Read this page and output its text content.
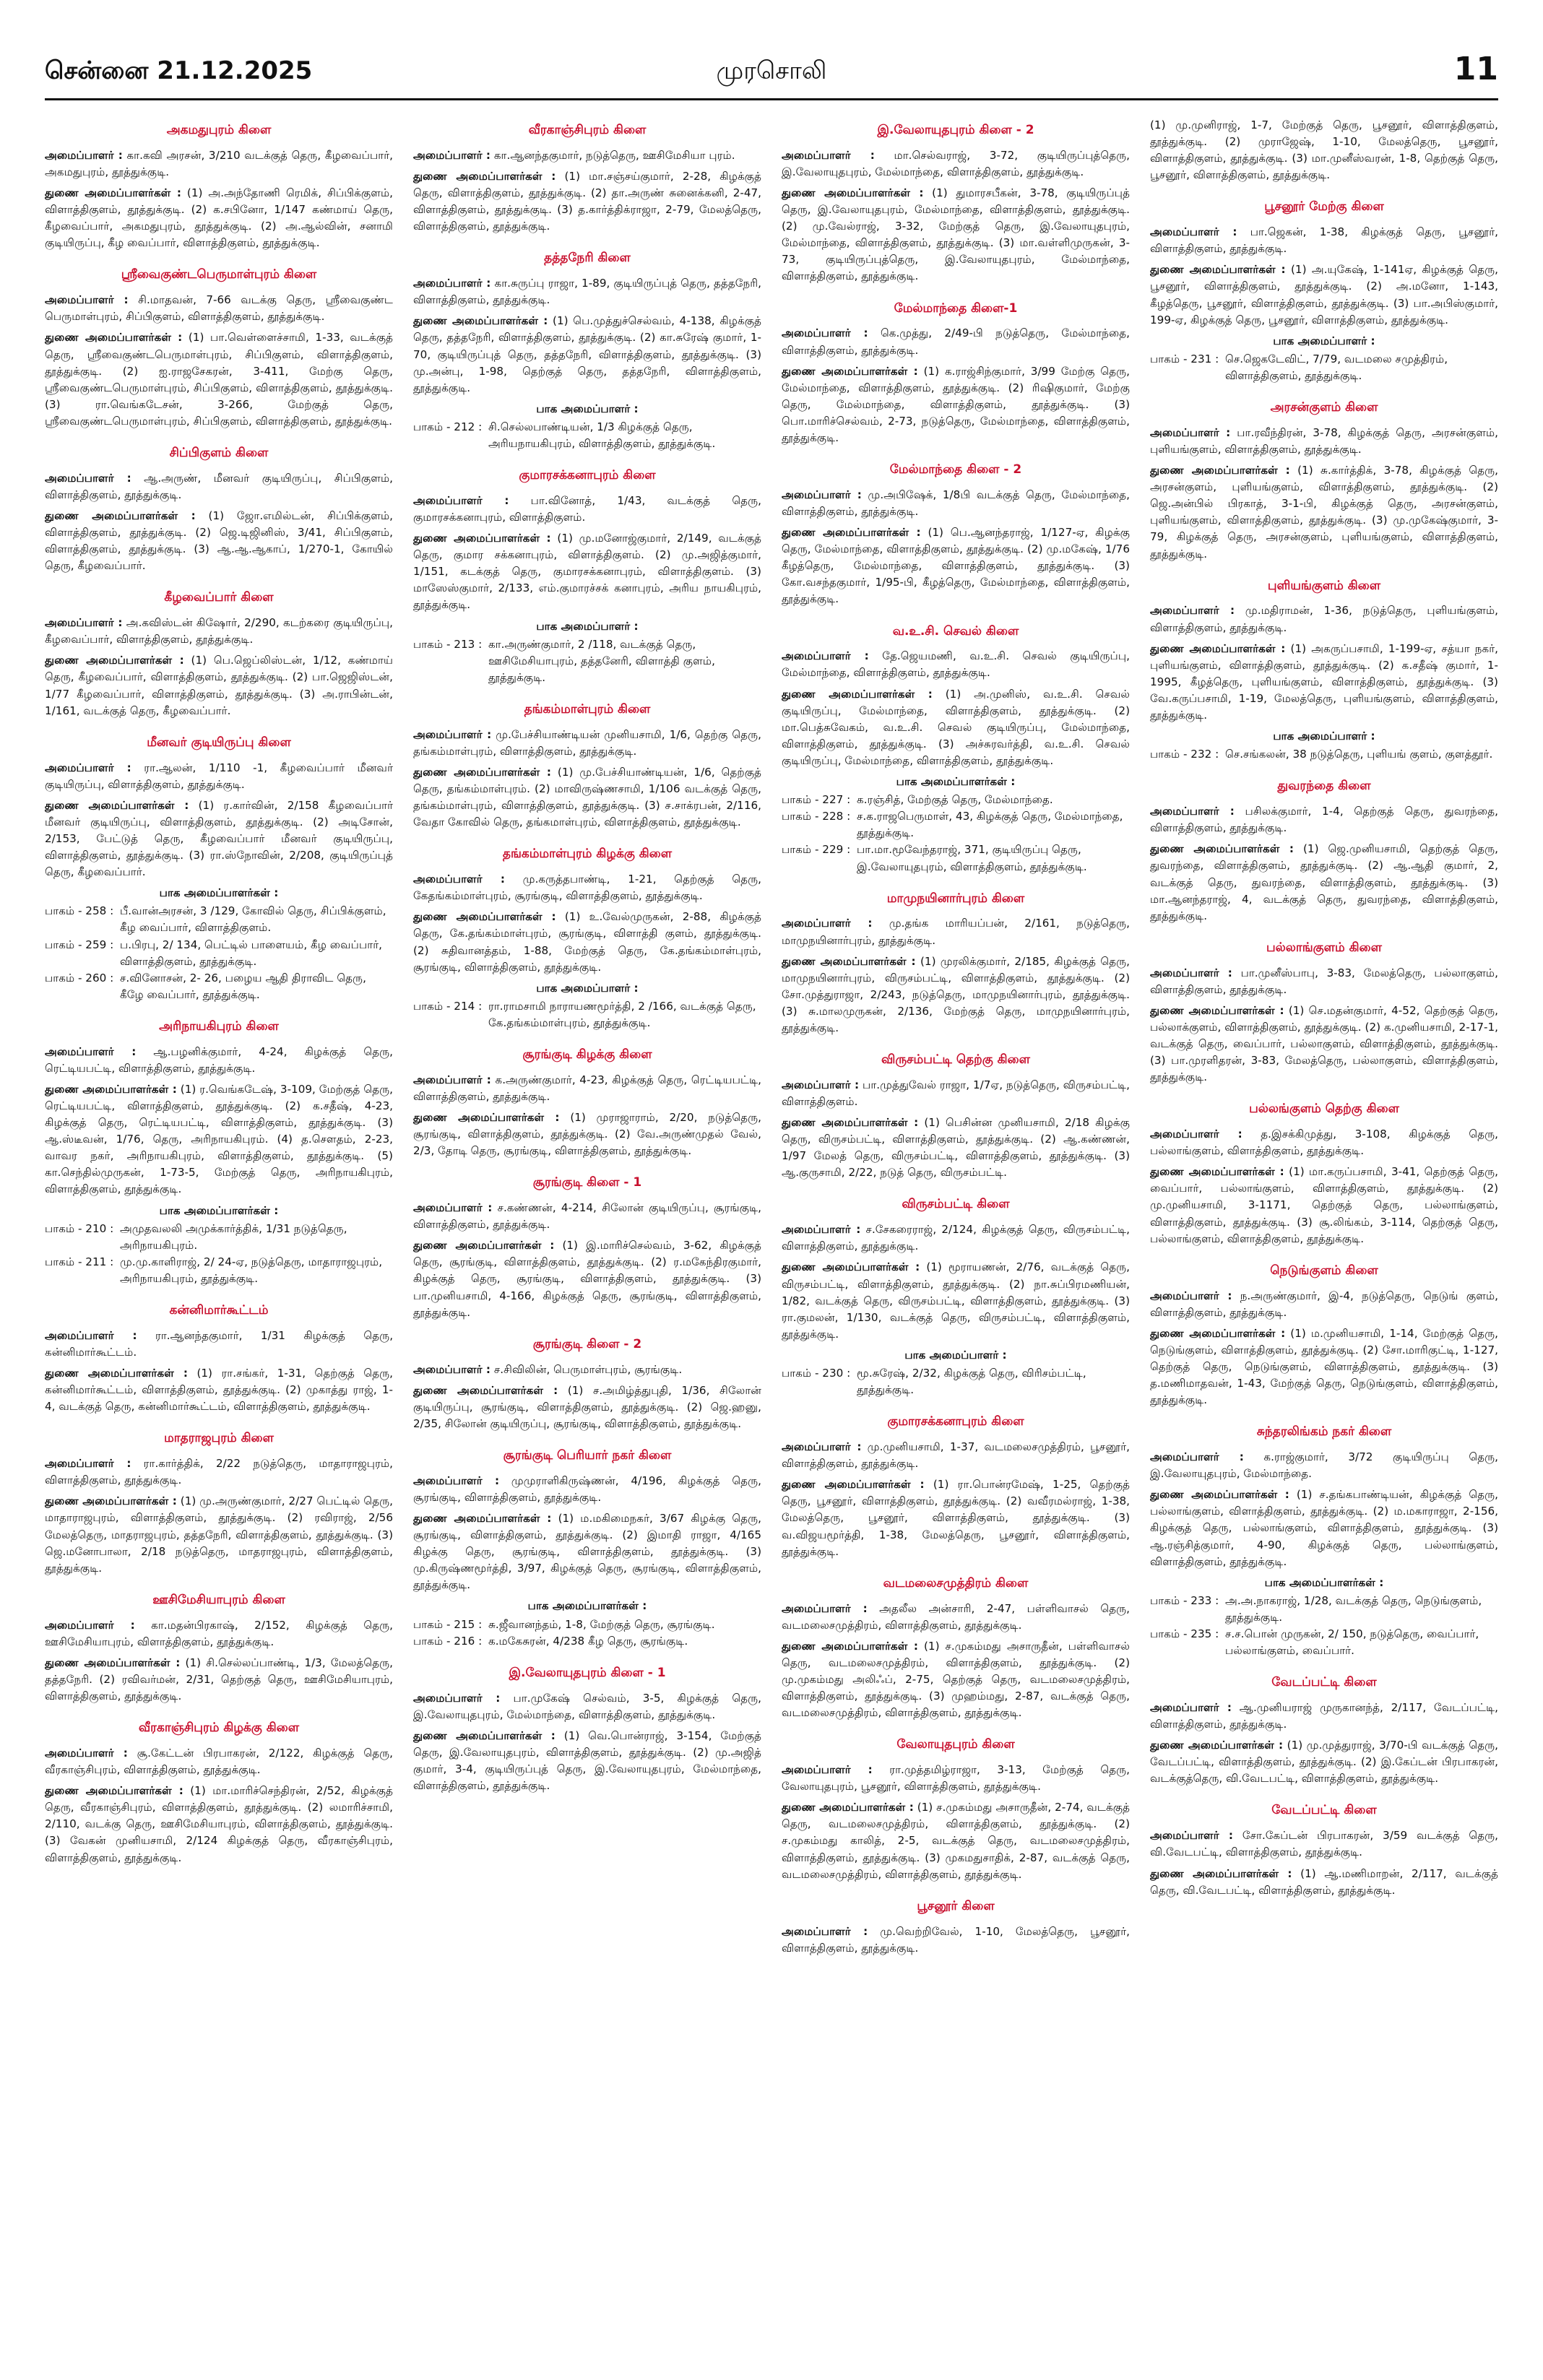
சென்னை 21.12.2025	முரசொலி	11
அகமதுபுரம் கிளை

அமைப்பாளர் : கா.கவி அரசன், 3/210 வடக்குத் தெரு, கீழவைப்பார், அகமதுபுரம், தூத்துக்குடி.

துணை அமைப்பாளர்கள் : (1) அ.அந்தோணி ரெமிக், சிப்பிக்குளம், விளாத்திகுளம், தூத்துக்குடி. (2) க.சபினோ, 1/147 கண்மாய் தெரு, கீழவைப்பார், அகமதுபுரம், தூத்துக்குடி. (2) அ.ஆல்வின், சனாமி குடியிருப்பு, கீழ வைப்பார், விளாத்திகுளம், தூத்துக்குடி.

ஸ்ரீவைகுண்டபெருமாள்புரம் கிளை

அமைப்பாளர் : சி.மாதவன், 7-66 வடக்கு தெரு, ஸ்ரீவைகுண்ட பெருமாள்புரம், சிப்பிகுளம், விளாத்திகுளம், தூத்துக்குடி.

துணை அமைப்பாளர்கள் : (1) பா.வெள்ளைச்சாமி, 1-33, வடக்குத் தெரு, ஸ்ரீவைகுண்டபெருமாள்புரம், சிப்பிகுளம், விளாத்திகுளம், தூத்துக்குடி. (2) ஐ.ராஜசேகரன், 3-411, மேற்கு தெரு, ஸ்ரீவைகுண்டபெருமாள்புரம், சிப்பிகுளம், விளாத்திகுளம், தூத்துக்குடி. (3) ரா.வெங்கடேசன், 3-266, மேற்குத் தெரு, ஸ்ரீவைகுண்டபெருமாள்புரம், சிப்பிகுளம், விளாத்திகுளம், தூத்துக்குடி.

சிப்பிகுளம் கிளை

அமைப்பாளர் : ஆ.அருண், மீனவர் குடியிருப்பு, சிப்பிகுளம், விளாத்திகுளம், தூத்துக்குடி.

துணை அமைப்பாளர்கள் : (1) ஜோ.எமில்டன், சிப்பிக்குளம், விளாத்திகுளம், தூத்துக்குடி. (2) ஜெ.டிஜினிஸ், 3/41, சிப்பிகுளம், விளாத்திகுளம், தூத்துக்குடி. (3) ஆ.ஆ.ஆகாப், 1/270-1, கோயில் தெரு, கீழவைப்பார்.

கீழவைப்பார் கிளை

அமைப்பாளர் : அ.கவிஸ்டன் கிஷோர், 2/290, கடற்கரை குடியிருப்பு, கீழவைப்பார், விளாத்திகுளம், தூத்துக்குடி.

துணை அமைப்பாளர்கள் : (1) பெ.ஜெப்லிஸ்டன், 1/12, கண்மாய் தெரு, கீழவைப்பார், விளாத்திகுளம், தூத்துக்குடி. (2) பா.ஜெஜிஸ்டன், 1/77 கீழவைப்பார், விளாத்திகுளம், தூத்துக்குடி. (3) அ.ராபின்டன், 1/161, வடக்குத் தெரு, கீழவைப்பார்.

மீனவர் குடியிருப்பு கிளை

அமைப்பாளர் : ரா.ஆலன், 1/110 -1, கீழவைப்பார் மீனவர் குடியிருப்பு, விளாத்திகுளம், தூத்துக்குடி.

துணை அமைப்பாளர்கள் : (1) ர.கார்வின், 2/158 கீழவைப்பார் மீனவர் குடியிருப்பு, விளாத்திகுளம், தூத்துக்குடி. (2) அடிசோன், 2/153, பேட்டுத் தெரு, கீழவைப்பார் மீனவர் குடியிருப்பு, விளாத்திகுளம், தூத்துக்குடி. (3) ரா.ஸ்நோவின், 2/208, குடியிருப்புத் தெரு, கீழவைப்பார்.

பாக அமைப்பாளர்கள் :
பாகம் - 258 : பீ.வான்அரசன், 3 /129, கோவில் தெரு, சிப்பிக்குளம், கீழ வைப்பார், விளாத்திகுளம்.
பாகம் - 259 : ப.பிரபு, 2/ 134, பெட்டில் பாளையம், கீழ வைப்பார், விளாத்திகுளம், தூத்துக்குடி.
பாகம் - 260 : ச.வினோசன், 2- 26, பழைய ஆதி திராவிட தெரு, கீழே வைப்பார், தூத்துக்குடி.
அரிநாயகிபுரம் கிளை

அமைப்பாளர் : ஆ.பழனிக்குமார், 4-24, கிழக்குத் தெரு, ரெட்டியபட்டி, விளாத்திகுளம், தூத்துக்குடி.

துணை அமைப்பாளர்கள் : (1) ர.வெங்கடேஷ், 3-109, மேற்குத் தெரு, ரெட்டியபட்டி, விளாத்திகுளம், தூத்துக்குடி. (2) க.சதீஷ், 4-23, கிழக்குத் தெரு, ரெட்டியபட்டி, விளாத்திகுளம், தூத்துக்குடி. (3) ஆ.ஸ்டீவன், 1/76, தெரு, அரிநாயகிபுரம். (4) த.செளதம், 2-23, வாவர நகர், அரிநாயகிபுரம், விளாத்திகுளம், தூத்துக்குடி. (5) கா.செந்தில்முருகன், 1-73-5, மேற்குத் தெரு, அரிநாயகிபுரம், விளாத்திகுளம், தூத்துக்குடி.

பாக அமைப்பாளர்கள் :
பாகம் - 210 : அமுதவலலி அமுக்கார்த்திக், 1/31 நடுத்தெரு, அரிநாயகிபுரம்.
பாகம் - 211 : மு.மு.காளிராஜ், 2/ 24-ஏ, நடுத்தெரு, மாதாராஜபுரம், அரிநாயகிபுரம், தூத்துக்குடி.
கன்னிமார்கூட்டம்

அமைப்பாளர் : ரா.ஆனந்தகுமார், 1/31 கிழக்குத் தெரு, கன்னிமார்கூட்டம்.

துணை அமைப்பாளர்கள் : (1) ரா.சங்கர், 1-31, தெற்குத் தெரு, கன்னிமார்கூட்டம், விளாத்திகுளம், தூத்துக்குடி. (2) முகாத்து ராஜ், 1-4, வடக்குத் தெரு, கன்னிமார்கூட்டம், விளாத்திகுளம், தூத்துக்குடி.

மாதராஜபுரம் கிளை

அமைப்பாளர் : ரா.கார்த்திக், 2/22 நடுத்தெரு, மாதாராஜபுரம், விளாத்திகுளம், தூத்துக்குடி.

துணை அமைப்பாளர்கள் : (1) மு.அருண்குமார், 2/27 பெட்டில் தெரு, மாதாராஜபுரம், விளாத்திகுளம், தூத்துக்குடி. (2) ரவிராஜ், 2/56 மேலத்தெரு, மாதராஜபுரம், தத்தநேரி, விளாத்திகுளம், தூத்துக்குடி. (3) ஜெ.மனோபாலா, 2/18 நடுத்தெரு, மாதராஜபுரம், விளாத்திகுளம், தூத்துக்குடி.

ஊசிமேசியாபுரம் கிளை

அமைப்பாளர் : கா.மதன்பிரகாஷ், 2/152, கிழக்குத் தெரு, ஊசிமேசியாபுரம், விளாத்திகுளம், தூத்துக்குடி.

துணை அமைப்பாளர்கள் : (1) சி.செல்லப்பாண்டி, 1/3, மேலத்தெரு, தத்தநேரி. (2) ரவிவர்மன், 2/31, தெற்குத் தெரு, ஊசிமேசியாபுரம், விளாத்திகுளம், தூத்துக்குடி.

வீரகாஞ்சிபுரம் கிழக்கு கிளை

அமைப்பாளர் : சூ.கேட்டன் பிரபாகரன், 2/122, கிழக்குத் தெரு, வீரகாஞ்சிபுரம், விளாத்திகுளம், தூத்துக்குடி.

துணை அமைப்பாளர்கள் : (1) மா.மாரிச்செந்திரன், 2/52, கிழக்குத் தெரு, வீரகாஞ்சிபுரம், விளாத்திகுளம், தூத்துக்குடி. (2) லமாரிச்சாமி, 2/110, வடக்கு தெரு, ஊசிமேசியாபுரம், விளாத்திகுளம், தூத்துக்குடி. (3) வேகன் முனியசாமி, 2/124 கிழக்குத் தெரு, வீரகாஞ்சிபுரம், விளாத்திகுளம், தூத்துக்குடி.

வீரகாஞ்சிபுரம் கிளை

அமைப்பாளர் : கா.ஆனந்தகுமார், நடுத்தெரு, ஊசிமேசியா புரம்.

துணை அமைப்பாளர்கள் : (1) மா.சஞ்சய்குமார், 2-28, கிழக்குத் தெரு, விளாத்திகுளம், தூத்துக்குடி. (2) தா.அருண் சுனைக்கனி, 2-47, விளாத்திகுளம், தூத்துக்குடி. (3) த.கார்த்திக்ராஜா, 2-79, மேலத்தெரு, விளாத்திகுளம், தூத்துக்குடி.

தத்தநேரி கிளை

அமைப்பாளர் : கா.சுருப்பு ராஜா, 1-89, குடியிருப்புத் தெரு, தத்தநேரி, விளாத்திகுளம், தூத்துக்குடி.

துணை அமைப்பாளர்கள் : (1) பெ.முத்துச்செல்வம், 4-138, கிழக்குத் தெரு, தத்தநேரி, விளாத்திகுளம், தூத்துக்குடி. (2) கா.சுரேஷ் குமார், 1-70, குடியிருப்புத் தெரு, தத்தநேரி, விளாத்திகுளம், தூத்துக்குடி. (3) மு.அன்பு, 1-98, தெற்குத் தெரு, தத்தநேரி, விளாத்திகுளம், தூத்துக்குடி.

பாக அமைப்பாளர் :
பாகம் - 212 : சி.செல்லபாண்டியன், 1/3 கிழக்குத் தெரு, அரியநாயகிபுரம், விளாத்திகுளம், தூத்துக்குடி.
குமாரசக்கனாபுரம் கிளை

அமைப்பாளர் : பா.வினோத், 1/43, வடக்குத் தெரு, குமாரசக்கனாபுரம், விளாத்திகுளம்.

துணை அமைப்பாளர்கள் : (1) மு.மனோஜ்குமார், 2/149, வடக்குத் தெரு, குமார சக்கனாபுரம், விளாத்திகுளம். (2) மு.அஜித்குமார், 1/151, கடக்குத் தெரு, குமாரசக்கனாபுரம், விளாத்திகுளம். (3) மாஸேஸ்குமார், 2/133, எம்.குமாரச்சக் கனாபுரம், அரிய நாயகிபுரம், தூத்துக்குடி.

பாக அமைப்பாளர் :
பாகம் - 213 : கா.அருண்குமார், 2 /118, வடக்குத் தெரு, ஊசிமேசியாபுரம், தத்தனேரி, விளாத்தி குளம், தூத்துக்குடி.
தங்கம்மாள்புரம் கிளை

அமைப்பாளர் : மு.பேச்சியாண்டியன் முனியசாமி, 1/6, தெற்கு தெரு, தங்கம்மாள்புரம், விளாத்திகுளம், தூத்துக்குடி.

துணை அமைப்பாளர்கள் : (1) மு.பேச்சியாண்டியன், 1/6, தெற்குத் தெரு, தங்கம்மாள்புரம். (2) மாவிருஷ்ணசாமி, 1/106 வடக்குத் தெரு, தங்கம்மாள்புரம், விளாத்திகுளம், தூத்துக்குடி. (3) ச.சாக்ரபன், 2/116, வேதா கோவில் தெரு, தங்கமாள்புரம், விளாத்திகுளம், தூத்துக்குடி.

தங்கம்மாள்புரம் கிழக்கு கிளை

அமைப்பாளர் : மு.கருத்தபாண்டி, 1-21, தெற்குத் தெரு, கேதங்கம்மாள்புரம், சூரங்குடி, விளாத்திகுளம், தூத்துக்குடி.

துணை அமைப்பாளர்கள் : (1) உ.வேல்முருகன், 2-88, கிழக்குத் தெரு, கே.தங்கம்மாள்புரம், சூரங்குடி, விளாத்தி குளம், தூத்துக்குடி. (2) சுதிவானத்தம், 1-88, மேற்குத் தெரு, கே.தங்கம்மாள்புரம், சூரங்குடி, விளாத்திகுளம், தூத்துக்குடி.

பாக அமைப்பாளர் :
பாகம் - 214 : ரா.ராமசாமி நாராயணமூர்த்தி, 2 /166, வடக்குத் தெரு, கே.தங்கம்மாள்புரம், தூத்துக்குடி.
சூரங்குடி கிழக்கு கிளை

அமைப்பாளர் : க.அருண்குமார், 4-23, கிழக்குத் தெரு, ரெட்டியபட்டி, விளாத்திகுளம், தூத்துக்குடி.

துணை அமைப்பாளர்கள் : (1) முராஜாராம், 2/20, நடுத்தெரு, சூரங்குடி, விளாத்திகுளம், தூத்துக்குடி. (2) வே.அருண்முதல் வேல், 2/3, தோடி தெரு, சூரங்குடி, விளாத்திகுளம், தூத்துக்குடி.

சூரங்குடி கிளை - 1

அமைப்பாளர் : ச.கண்ணன், 4-214, சிலோன் குடியிருப்பு, சூரங்குடி, விளாத்திகுளம், தூத்துக்குடி.

துணை அமைப்பாளர்கள் : (1) இ.மாரிச்செல்வம், 3-62, கிழக்குத் தெரு, சூரங்குடி, விளாத்திகுளம், தூத்துக்குடி. (2) ர.மகேந்திரகுமார், கிழக்குத் தெரு, சூரங்குடி, விளாத்திகுளம், தூத்துக்குடி. (3) பா.முனியசாமி, 4-166, கிழக்குத் தெரு, சூரங்குடி, விளாத்திகுளம், தூத்துக்குடி.

சூரங்குடி கிளை - 2

அமைப்பாளர் : ச.சிவிலின், பெருமாள்புரம், சூரங்குடி.

துணை அமைப்பாளர்கள் : (1) ச.அமிழ்த்துபுதி, 1/36, சிலோன் குடியிருப்பு, சூரங்குடி, விளாத்திகுளம், தூத்துக்குடி. (2) ஜெ.ஹனு, 2/35, சிலோன் குடியிருப்பு, சூரங்குடி, விளாத்திகுளம், தூத்துக்குடி.

சூரங்குடி பெரியார் நகர் கிளை

அமைப்பாளர் : முமுராளிகிருஷ்ணன், 4/196, கிழக்குத் தெரு, சூரங்குடி, விளாத்திகுளம், தூத்துக்குடி.

துணை அமைப்பாளர்கள் : (1) ம.மகிமைநகர், 3/67 கிழக்கு தெரு, சூரங்குடி, விளாத்திகுளம், தூத்துக்குடி. (2) இமாதி ராஜா, 4/165 கிழக்கு தெரு, சூரங்குடி, விளாத்திகுளம், தூத்துக்குடி. (3) மு.கிருஷ்ணமூர்த்தி, 3/97, கிழக்குத் தெரு, சூரங்குடி, விளாத்திகுளம், தூத்துக்குடி.

பாக அமைப்பாளர்கள் :
பாகம் - 215 : சு.ஜீவானந்தம், 1-8, மேற்குத் தெரு, சூரங்குடி.
பாகம் - 216 : க.மகேசுரன், 4/238 கீழ தெரு, சூரங்குடி.
இ.வேலாயுதபுரம் கிளை - 1

அமைப்பாளர் : பா.முகேஷ் செல்வம், 3-5, கிழக்குத் தெரு, இ.வேலாயுதபுரம், மேல்மாந்தை, விளாத்திகுளம், தூத்துக்குடி.

துணை அமைப்பாளர்கள் : (1) வெ.பொன்ராஜ், 3-154, மேற்குத் தெரு, இ.வேலாயுதபுரம், விளாத்திகுளம், தூத்துக்குடி. (2) மு.அஜித் குமார், 3-4, குடியிருப்புத் தெரு, இ.வேலாயுதபுரம், மேல்மாந்தை, விளாத்திகுளம், தூத்துக்குடி.

இ.வேலாயுதபுரம் கிளை - 2

அமைப்பாளர் : மா.செல்வராஜ், 3-72, குடியிருப்புத்தெரு, இ.வேலாயுதபுரம், மேல்மாந்தை, விளாத்திகுளம், தூத்துக்குடி.

துணை அமைப்பாளர்கள் : (1) துமாரசபீகன், 3-78, குடியிருப்புத் தெரு, இ.வேலாயுதபுரம், மேல்மாந்தை, விளாத்திகுளம், தூத்துக்குடி. (2) மு.வேல்ராஜ், 3-32, மேற்குத் தெரு, இ.வேலாயுதபுரம், மேல்மாந்தை, விளாத்திகுளம், தூத்துக்குடி. (3) மா.வள்ளிமுருகன், 3-73, குடியிருப்புத்தெரு, இ.வேலாயுதபுரம், மேல்மாந்தை, விளாத்திகுளம், தூத்துக்குடி.

மேல்மாந்தை கிளை-1

அமைப்பாளர் : கெ.முத்து, 2/49-பி நடுத்தெரு, மேல்மாந்தை, விளாத்திகுளம், தூத்துக்குடி.

துணை அமைப்பாளர்கள் : (1) க.ராஜ்சிந்குமார், 3/99 மேற்கு தெரு, மேல்மாந்தை, விளாத்திகுளம், தூத்துக்குடி. (2) ரிஷிகுமார், மேற்கு தெரு, மேல்மாந்தை, விளாத்திகுளம், தூத்துக்குடி. (3) பொ.மாரிச்செல்வம், 2-73, நடுத்தெரு, மேல்மாந்தை, விளாத்திகுளம், தூத்துக்குடி.

மேல்மாந்தை கிளை - 2

அமைப்பாளர் : மு.அபிஷேக், 1/8பி வடக்குத் தெரு, மேல்மாந்தை, விளாத்திகுளம், தூத்துக்குடி.

துணை அமைப்பாளர்கள் : (1) பெ.ஆனந்தராஜ், 1/127-ஏ, கிழக்கு தெரு, மேல்மாந்தை, விளாத்திகுளம், தூத்துக்குடி. (2) மு.மகேஷ், 1/76 கீழத்தெரு, மேல்மாந்தை, விளாத்திகுளம், தூத்துக்குடி. (3) கோ.வசந்தகுமார், 1/95-பி, கீழத்தெரு, மேல்மாந்தை, விளாத்திகுளம், தூத்துக்குடி.

வ.உ.சி. செவல் கிளை

அமைப்பாளர் : தே.ஜெயமணி, வ.உ.சி. செவல் குடியிருப்பு, மேல்மாந்தை, விளாத்திகுளம், தூத்துக்குடி.

துணை அமைப்பாளர்கள் : (1) அ.முனிஸ், வ.உ.சி. செவல் குடியிருப்பு, மேல்மாந்தை, விளாத்திகுளம், தூத்துக்குடி. (2) மா.பெத்சுவேகம், வ.உ.சி. செவல் குடியிருப்பு, மேல்மாந்தை, விளாத்திகுளம், தூத்துக்குடி. (3) அச்சுரவர்த்தி, வ.உ.சி. செவல் குடியிருப்பு, மேல்மாந்தை, விளாத்திகுளம், தூத்துக்குடி.

பாக அமைப்பாளர்கள் :
பாகம் - 227 : க.ரஞ்சித், மேற்குத் தெரு, மேல்மாந்தை.
பாகம் - 228 : ச.க.ராஜபெருமாள், 43, கிழக்குத் தெரு, மேல்மாந்தை, தூத்துக்குடி.
பாகம் - 229 : பா.மா.மூவேந்தராஜ், 371, குடியிருப்பு தெரு, இ.வேலாயுதபுரம், விளாத்திகுளம், தூத்துக்குடி.
மாமுநயினார்புரம் கிளை

அமைப்பாளர் : மு.தங்க மாரியப்பன், 2/161, நடுத்தெரு, மாமுநயினார்புரம், தூத்துக்குடி.

துணை அமைப்பாளர்கள் : (1) முரலிக்குமார், 2/185, கிழக்குத் தெரு, மாமுநயினார்புரம், விருசம்பட்டி, விளாத்திகுளம், தூத்துக்குடி. (2) சோ.முத்துராஜா, 2/243, நடுத்தெரு, மாமுநயினார்புரம், தூத்துக்குடி. (3) சு.மாலமுருகன், 2/136, மேற்குத் தெரு, மாமுநயினார்புரம், தூத்துக்குடி.

விருசம்பட்டி தெற்கு கிளை

அமைப்பாளர் : பா.முத்துவேல் ராஜா, 1/7ஏ, நடுத்தெரு, விருசம்பட்டி, விளாத்திகுளம்.

துணை அமைப்பாளர்கள் : (1) பெசின்ன முனியசாமி, 2/18 கிழக்கு தெரு, விருசம்பட்டி, விளாத்திகுளம், தூத்துக்குடி. (2) ஆ.கண்ணன், 1/97 மேலத் தெரு, விருசம்பட்டி, விளாத்திகுளம், தூத்துக்குடி. (3) ஆ.குருசாமி, 2/22, நடுத் தெரு, விருசம்பட்டி.

விருசம்பட்டி கிளை

அமைப்பாளர் : ச.சேகரைராஜ், 2/124, கிழக்குத் தெரு, விருசம்பட்டி, விளாத்திகுளம், தூத்துக்குடி.

துணை அமைப்பாளர்கள் : (1) மூராயணன், 2/76, வடக்குத் தெரு, விருசம்பட்டி, விளாத்திகுளம், தூத்துக்குடி. (2) நா.சுப்பிரமணியன், 1/82, வடக்குத் தெரு, விருசம்பட்டி, விளாத்திகுளம், தூத்துக்குடி. (3) ரா.குமலன், 1/130, வடக்குத் தெரு, விருசம்பட்டி, விளாத்திகுளம், தூத்துக்குடி.

பாக அமைப்பாளர் :
பாகம் - 230 : மூ.சுரேஷ், 2/32, கிழக்குத் தெரு, விரிசம்பட்டி, தூத்துக்குடி.
குமாரசக்கனாபுரம் கிளை

அமைப்பாளர் : மு.முனியசாமி, 1-37, வடமலைசமுத்திரம், பூசனூர், விளாத்திகுளம், தூத்துக்குடி.

துணை அமைப்பாளர்கள் : (1) ரா.பொன்ரமேஷ், 1-25, தெற்குத் தெரு, பூசனூர், விளாத்திகுளம், தூத்துக்குடி. (2) வவீரமல்ராஜ், 1-38, மேலத்தெரு, பூசனூர், விளாத்திகுளம், தூத்துக்குடி. (3) வ.விஜயமூர்த்தி, 1-38, மேலத்தெரு, பூசனூர், விளாத்திகுளம், தூத்துக்குடி.

வடமலைசமுத்திரம் கிளை

அமைப்பாளர் : அதலீல அன்சாரி, 2-47, பள்ளிவாசல் தெரு, வடமலைசமுத்திரம், விளாத்திகுளம், தூத்துக்குடி.

துணை அமைப்பாளர்கள் : (1) ச.முகம்மது அசாருதீன், பள்ளிவாசல் தெரு, வடமலைசமுத்திரம், விளாத்திகுளம், தூத்துக்குடி. (2) மு.முகம்மது அலிஃப், 2-75, தெற்குத் தெரு, வடமலைசமுத்திரம், விளாத்திகுளம், தூத்துக்குடி. (3) முஹம்மது, 2-87, வடக்குத் தெரு, வடமலைசமுத்திரம், விளாத்திகுளம், தூத்துக்குடி.

வேலாயுதபுரம் கிளை

அமைப்பாளர் : ரா.முத்தமிழ்ராஜா, 3-13, மேற்குத் தெரு, வேலாயுதபுரம், பூசனூர், விளாத்திகுளம், தூத்துக்குடி.

துணை அமைப்பாளர்கள் : (1) ச.முகம்மது அசாருதீன், 2-74, வடக்குத் தெரு, வடமலைசமுத்திரம், விளாத்திகுளம், தூத்துக்குடி. (2) ச.முகம்மது காலித், 2-5, வடக்குத் தெரு, வடமலைசமுத்திரம், விளாத்திகுளம், தூத்துக்குடி. (3) முகமதுசாதிக், 2-87, வடக்குத் தெரு, வடமலைசமுத்திரம், விளாத்திகுளம், தூத்துக்குடி.

பூசனூர் கிளை

அமைப்பாளர் : மு.வெற்றிவேல், 1-10, மேலத்தெரு, பூசனூர், விளாத்திகுளம், தூத்துக்குடி.

(1) மு.முனிராஜ், 1-7, மேற்குத் தெரு, பூசனூர், விளாத்திகுளம், தூத்துக்குடி. (2) முராஜேஷ், 1-10, மேலத்தெரு, பூசனூர், விளாத்திகுளம், தூத்துக்குடி. (3) மா.முனீஸ்வரன், 1-8, தெற்குத் தெரு, பூசனூர், விளாத்திகுளம், தூத்துக்குடி.

பூசனூர் மேற்கு கிளை

அமைப்பாளர் : பா.ஜெகன், 1-38, கிழக்குத் தெரு, பூசனூர், விளாத்திகுளம், தூத்துக்குடி.

துணை அமைப்பாளர்கள் : (1) அ.யுகேஷ், 1-141ஏ, கிழக்குத் தெரு, பூசனூர், விளாத்திகுளம், தூத்துக்குடி. (2) அ.மனோ, 1-143, கீழத்தெரு, பூசனூர், விளாத்திகுளம், தூத்துக்குடி. (3) பா.அபிஸ்குமார், 199-ஏ, கிழக்குத் தெரு, பூசனூர், விளாத்திகுளம், தூத்துக்குடி.

பாக அமைப்பாளர் :
பாகம் - 231 : செ.ஜெகடேவிட், 7/79, வடமலை சமுத்திரம், விளாத்திகுளம், தூத்துக்குடி.
அரசன்குளம் கிளை

அமைப்பாளர் : பா.ரவீந்திரன், 3-78, கிழக்குத் தெரு, அரசன்குளம், புளியங்குளம், விளாத்திகுளம், தூத்துக்குடி.

துணை அமைப்பாளர்கள் : (1) சு.கார்த்திக், 3-78, கிழக்குத் தெரு, அரசன்குளம், புளியங்குளம், விளாத்திகுளம், தூத்துக்குடி. (2) ஜெ.அன்பில் பிரகாத், 3-1-பி, கிழக்குத் தெரு, அரசன்குளம், புளியங்குளம், விளாத்திகுளம், தூத்துக்குடி. (3) மு.முகேஷ்குமார், 3-79, கிழக்குத் தெரு, அரசன்குளம், புளியங்குளம், விளாத்திகுளம், தூத்துக்குடி.

புளியங்குளம் கிளை

அமைப்பாளர் : மு.மதிராமன், 1-36, நடுத்தெரு, புளியங்குளம், விளாத்திகுளம், தூத்துக்குடி.

துணை அமைப்பாளர்கள் : (1) அகருப்பசாமி, 1-199-ஏ, சத்யா நகர், புளியங்குளம், விளாத்திகுளம், தூத்துக்குடி. (2) க.சதீஷ் குமார், 1-1995, கீழத்தெரு, புளியங்குளம், விளாத்திகுளம், தூத்துக்குடி. (3) வே.கருப்பசாமி, 1-19, மேலத்தெரு, புளியங்குளம், விளாத்திகுளம், தூத்துக்குடி.

பாக அமைப்பாளர் :
பாகம் - 232 : செ.சங்கலன், 38 நடுத்தெரு, புளியங் குளம், குளத்தூர்.
துவரந்தை கிளை

அமைப்பாளர் : பசிலக்குமார், 1-4, தெற்குத் தெரு, துவரந்தை, விளாத்திகுளம், தூத்துக்குடி.

துணை அமைப்பாளர்கள் : (1) ஜெ.முனியசாமி, தெற்குத் தெரு, துவரந்தை, விளாத்திகுளம், தூத்துக்குடி. (2) ஆ.ஆதி குமார், 2, வடக்குத் தெரு, துவரந்தை, விளாத்திகுளம், தூத்துக்குடி. (3) மா.ஆனந்தராஜ், 4, வடக்குத் தெரு, துவரந்தை, விளாத்திகுளம், தூத்துக்குடி.

பல்லாங்குளம் கிளை

அமைப்பாளர் : பா.முனீஸ்பாபு, 3-83, மேலத்தெரு, பல்லாகுளம், விளாத்திகுளம், தூத்துக்குடி.

துணை அமைப்பாளர்கள் : (1) செ.மதன்குமார், 4-52, தெற்குத் தெரு, பல்லாக்குளம், விளாத்திகுளம், தூத்துக்குடி. (2) க.முனியசாமி, 2-17-1, வடக்குத் தெரு, வைப்பார், பல்லாகுளம், விளாத்திகுளம், தூத்துக்குடி. (3) பா.முரளிதரன், 3-83, மேலத்தெரு, பல்லாகுளம், விளாத்திகுளம், தூத்துக்குடி.

பல்லங்குளம் தெற்கு கிளை

அமைப்பாளர் : த.இசக்கிமுத்து, 3-108, கிழக்குத் தெரு, பல்லாங்குளம், விளாத்திகுளம், தூத்துக்குடி.

துணை அமைப்பாளர்கள் : (1) மா.கருப்பசாமி, 3-41, தெற்குத் தெரு, வைப்பார், பல்லாங்குளம், விளாத்திகுளம், தூத்துக்குடி. (2) மு.முனியசாமி, 3-1171, தெற்குத் தெரு, பல்லாங்குளம், விளாத்திகுளம், தூத்துக்குடி. (3) சூ.லிங்கம், 3-114, தெற்குத் தெரு, பல்லாங்குளம், விளாத்திகுளம், தூத்துக்குடி.

நெடுங்குளம் கிளை

அமைப்பாளர் : ந.அருண்குமார், இ-4, நடுத்தெரு, நெடுங் குளம், விளாத்திகுளம், தூத்துக்குடி.

துணை அமைப்பாளர்கள் : (1) ம.முனியசாமி, 1-14, மேற்குத் தெரு, நெடுங்குளம், விளாத்திகுளம், தூத்துக்குடி. (2) சோ.மாரிகுட்டி, 1-127, தெற்குத் தெரு, நெடுங்குளம், விளாத்திகுளம், தூத்துக்குடி. (3) த.மணிமாதவன், 1-43, மேற்குத் தெரு, நெடுங்குளம், விளாத்திகுளம், தூத்துக்குடி.

சுந்தரலிங்கம் நகர் கிளை

அமைப்பாளர் : க.ராஜ்குமார், 3/72 குடியிருப்பு தெரு, இ.வேலாயுதபுரம், மேல்மாந்தை.

துணை அமைப்பாளர்கள் : (1) ச.தங்கபாண்டியன், கிழக்குத் தெரு, பல்லாங்குளம், விளாத்திகுளம், தூத்துக்குடி. (2) ம.மகாராஜா, 2-156, கிழக்குத் தெரு, பல்லாங்குளம், விளாத்திகுளம், தூத்துக்குடி. (3) ஆ.ரஞ்சித்குமார், 4-90, கிழக்குத் தெரு, பல்லாங்குளம், விளாத்திகுளம், தூத்துக்குடி.

பாக அமைப்பாளர்கள் :
பாகம் - 233 : அ.அ.நாகராஜ், 1/28, வடக்குத் தெரு, நெடுங்குளம், தூத்துக்குடி.
பாகம் - 235 : ச.ச.பொன் முருகன், 2/ 150, நடுத்தெரு, வைப்பார், பல்லாங்குளம், வைப்பார்.
வேடப்பட்டி கிளை

அமைப்பாளர் : ஆ.முனியராஜ் முருகானந்த், 2/117, வேடப்பட்டி, விளாத்திகுளம், தூத்துக்குடி.

துணை அமைப்பாளர்கள் : (1) மு.முத்துராஜ், 3/70-பி வடக்குத் தெரு, வேடப்பட்டி, விளாத்திகுளம், தூத்துக்குடி. (2) இ.கேப்டன் பிரபாகரன், வடக்குத்தெரு, வி.வேடபட்டி, விளாத்திகுளம், தூத்துக்குடி.

வேடப்பட்டி கிளை

அமைப்பாளர் : சோ.கேப்டன் பிரபாகரன், 3/59 வடக்குத் தெரு, வி.வேடபட்டி, விளாத்திகுளம், தூத்துக்குடி.

துணை அமைப்பாளர்கள் : (1) ஆ.மணிமாறன், 2/117, வடக்குத் தெரு, வி.வேடபட்டி, விளாத்திகுளம், தூத்துக்குடி.
